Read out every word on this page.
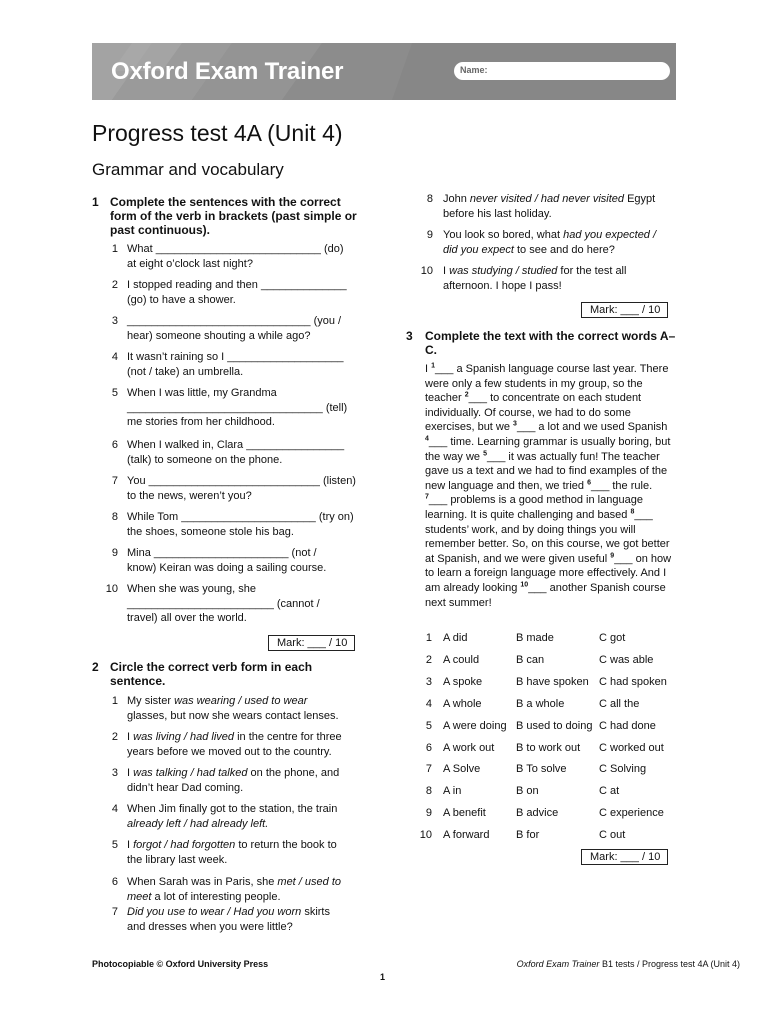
Oxford Exam Trainer	Name:
Progress test 4A (Unit 4)
Grammar and vocabulary
1 Complete the sentences with the correct form of the verb in brackets (past simple or past continuous).
1 What ___________________________ (do)
at eight o’clock last night?
2 I stopped reading and then ______________
(go) to have a shower.
3 ______________________________ (you /
hear) someone shouting a while ago?
4 It wasn’t raining so I ___________________
(not / take) an umbrella.
5 When I was little, my Grandma
________________________________ (tell)
me stories from her childhood.
6 When I walked in, Clara ________________
(talk) to someone on the phone.
7 You ____________________________ (listen)
to the news, weren’t you?
8 While Tom ______________________ (try on)
the shoes, someone stole his bag.
9 Mina ______________________ (not /
know) Keiran was doing a sailing course.
10 When she was young, she
________________________ (cannot /
travel) all over the world.
Mark: ___ / 10
2 Circle the correct verb form in each sentence.
1 My sister was wearing / used to wear
glasses, but now she wears contact lenses.
2 I was living / had lived in the centre for three
years before we moved out to the country.
3 I was talking / had talked on the phone, and
didn’t hear Dad coming.
4 When Jim finally got to the station, the train
already left / had already left.
5 I forgot / had forgotten to return the book to
the library last week.
6 When Sarah was in Paris, she met / used to
meet a lot of interesting people.
7 Did you use to wear / Had you worn skirts
and dresses when you were little?
8 John never visited / had never visited Egypt
before his last holiday.
9 You look so bored, what had you expected /
did you expect to see and do here?
10 I was studying / studied for the test all
afternoon. I hope I pass!
Mark: ___ / 10
3 Complete the text with the correct words A–C.
I $^1$___ a Spanish language course last year. There were only a few students in my group, so the teacher $^2$___ to concentrate on each student individually. Of course, we had to do some exercises, but we $^3$___ a lot and we used Spanish $^4$___ time. Learning grammar is usually boring, but the way we $^5$___ it was actually fun! The teacher gave us a text and we had to find examples of the new language and then, we tried $^6$___ the rule. $^7$___ problems is a good method in language learning. It is quite challenging and based $^8$___ students’ work, and by doing things you will remember better. So, on this course, we got better at Spanish, and we were given useful $^9$___ on how to learn a foreign language more effectively. And I am already looking $^{10}$___ another Spanish course next summer!
1 A did	B made	C got
2 A could	B can	C was able
3 A spoke	B have spoken C had spoken
4 A whole	B a whole	C all the
5 A were doing B used to doing C had done
6 A work out B to work out C worked out
7 A Solve	B To solve	C Solving
8 A in	B on	C at
9 A benefit	B advice	C experience
10 A forward B for	C out
Mark: ___ / 10
Photocopiable © Oxford University Press	Oxford Exam Trainer B1 tests / Progress test 4A (Unit 4)
1
